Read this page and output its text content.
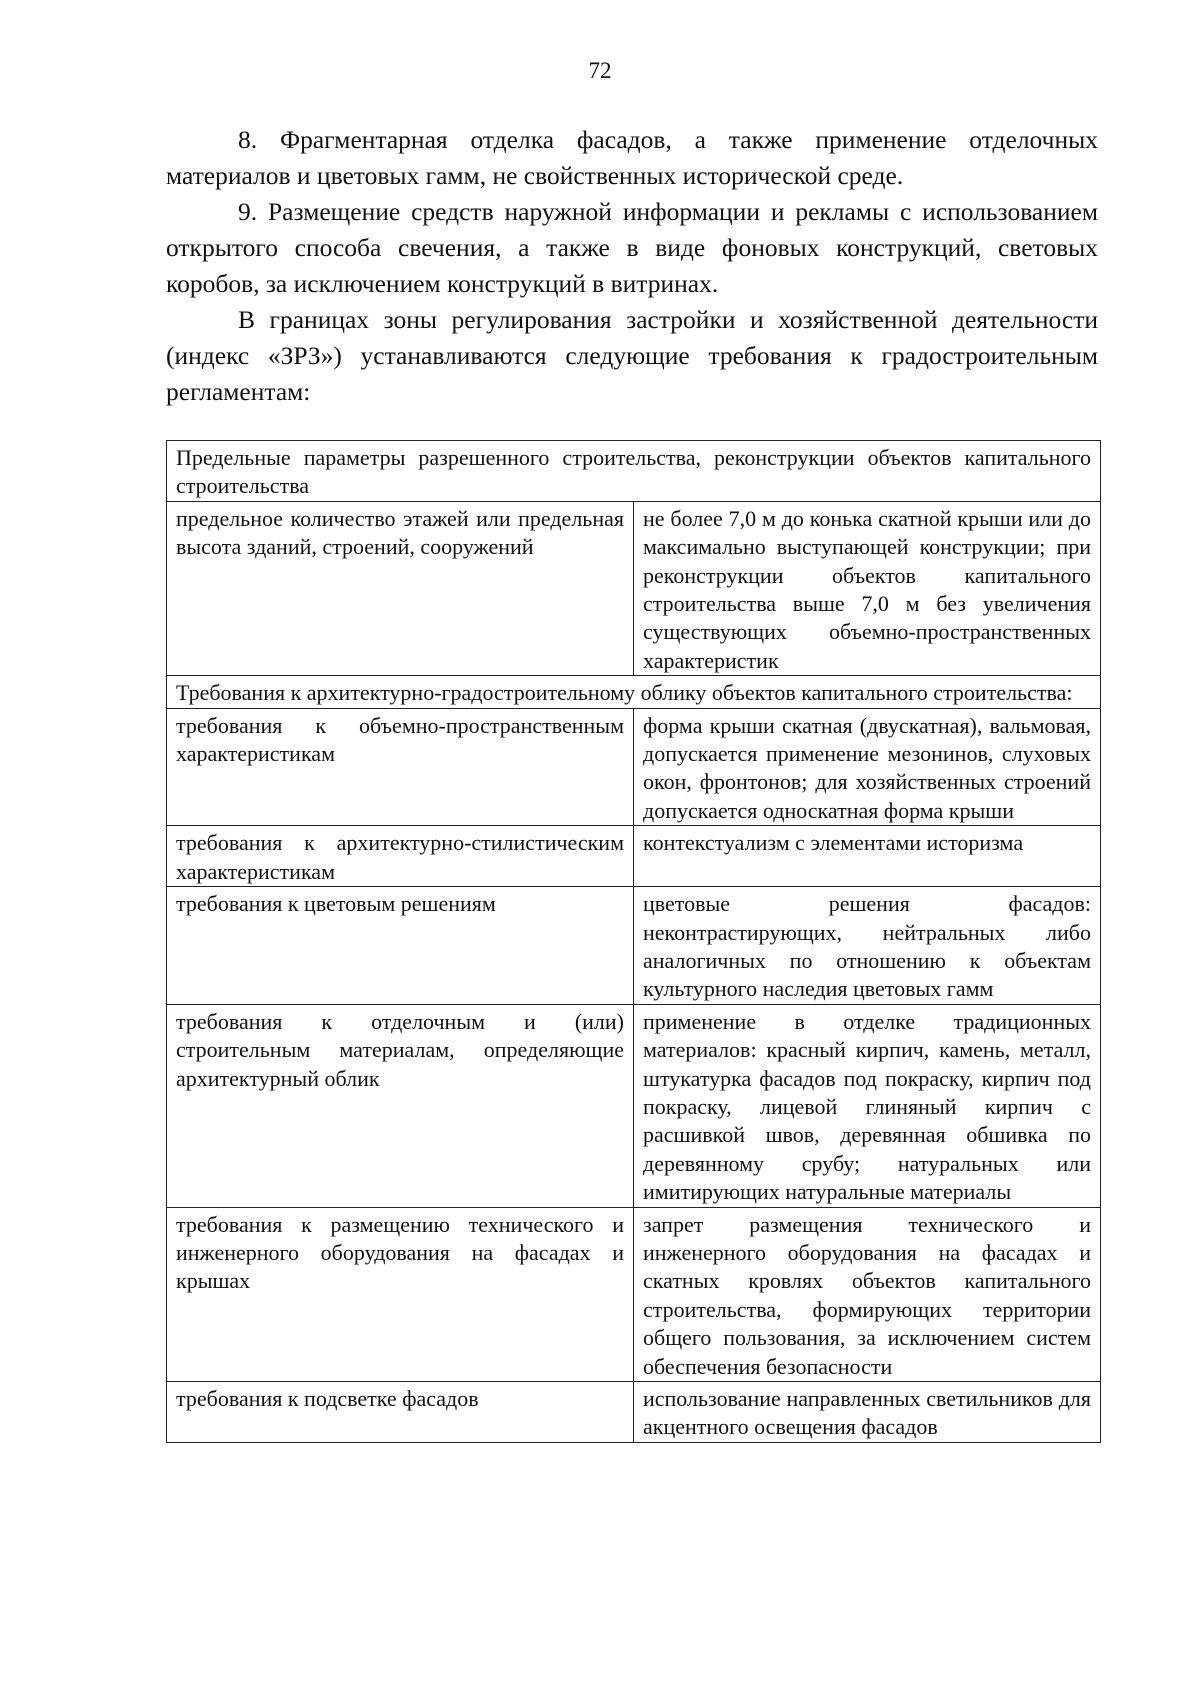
72

8. Фрагментарная отделка фасадов, а также применение отделочных материалов и цветовых гамм, не свойственных исторической среде.

9. Размещение средств наружной информации и рекламы с использованием открытого способа свечения, а также в виде фоновых конструкций, световых коробов, за исключением конструкций в витринах.

В границах зоны регулирования застройки и хозяйственной деятельности (индекс «ЗРЗ») устанавливаются следующие требования к градостроительным регламентам:

Предельные параметры разрешенного строительства, реконструкции объектов капитального строительства	
предельное количество этажей или предельная высота зданий, строений, сооружений	не более 7,0 м до конька скатной крыши или до максимально выступающей конструкции; при реконструкции объектов капитального строительства выше 7,0 м без увеличения существующих объемно-пространственных характеристик
Требования к архитектурно-градостроительному облику объектов капитального строительства:	
требования к объемно-пространственным характеристикам	форма крыши скатная (двускатная), вальмовая, допускается применение мезонинов, слуховых окон, фронтонов; для хозяйственных строений допускается односкатная форма крыши
требования к архитектурно-стилистическим характеристикам	контекстуализм с элементами историзма
требования к цветовым решениям	цветовые решения фасадов: неконтрастирующих, нейтральных либо аналогичных по отношению к объектам культурного наследия цветовых гамм
требования к отделочным и (или) строительным материалам, определяющие архитектурный облик	применение в отделке традиционных материалов: красный кирпич, камень, металл, штукатурка фасадов под покраску, кирпич под покраску, лицевой глиняный кирпич с расшивкой швов, деревянная обшивка по деревянному срубу; натуральных или имитирующих натуральные материалы
требования к размещению технического и инженерного оборудования на фасадах и крышах	запрет размещения технического и инженерного оборудования на фасадах и скатных кровлях объектов капитального строительства, формирующих территории общего пользования, за исключением систем обеспечения безопасности
требования к подсветке фасадов	использование направленных светильников для акцентного освещения фасадов
